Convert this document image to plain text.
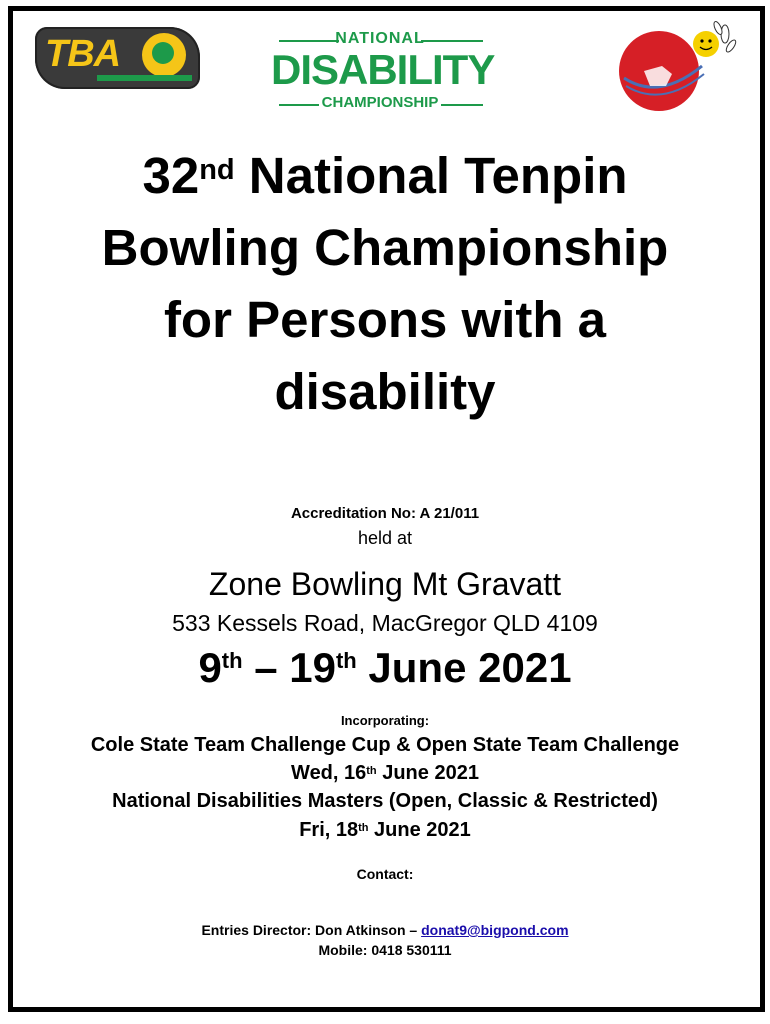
TBA	NATIONAL
DISABILITY
CHAMPIONSHIP
32nd National Tenpin
Bowling Championship
for Persons with a
disability
Accreditation No: A 21/011
held at
Zone Bowling Mt Gravatt
533 Kessels Road, MacGregor QLD 4109
9th – 19th June 2021
Incorporating:
Cole State Team Challenge Cup & Open State Team Challenge
Wed, 16th June 2021
National Disabilities Masters (Open, Classic & Restricted)
Fri, 18th June 2021
Contact:
Entries Director: Don Atkinson – donat9@bigpond.com
Mobile: 0418 530111
